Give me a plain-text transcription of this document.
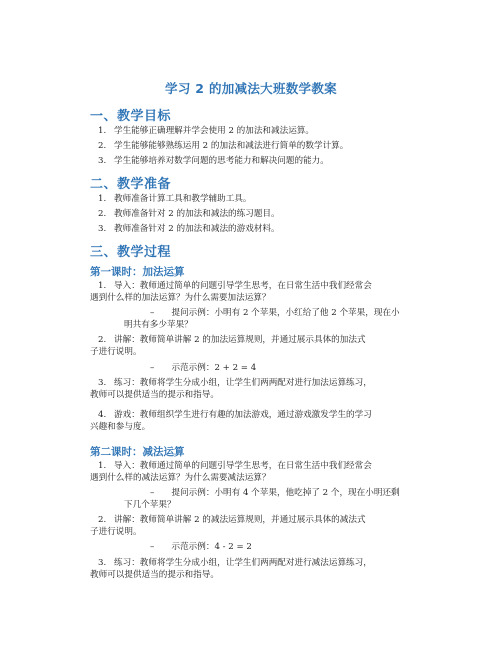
学习 2 的加减法大班数学教案
一、教学目标
1. 学生能够正确理解并学会使用 2 的加法和减法运算。
2. 学生能够能够熟练运用 2 的加法和减法进行简单的数学计算。
3. 学生能够培养对数学问题的思考能力和解决问题的能力。
二、教学准备
1. 教师准备计算工具和教学辅助工具。
2. 教师准备针对 2 的加法和减法的练习题目。
3. 教师准备针对 2 的加法和减法的游戏材料。
三、教学过程
第一课时：加法运算
1. 导入：教师通过简单的问题引导学生思考，在日常生活中我们经常会
遇到什么样的加法运算？为什么需要加法运算？
–　　提问示例：小明有 2 个苹果，小红给了他 2 个苹果，现在小
明共有多少苹果？
2. 讲解：教师简单讲解 2 的加法运算规则，并通过展示具体的加法式
子进行说明。
–　　示范示例：2 + 2 = 4
3. 练习：教师将学生分成小组，让学生们两两配对进行加法运算练习，
教师可以提供适当的提示和指导。
4. 游戏：教师组织学生进行有趣的加法游戏，通过游戏激发学生的学习
兴趣和参与度。
第二课时：减法运算
1. 导入：教师通过简单的问题引导学生思考，在日常生活中我们经常会
遇到什么样的减法运算？为什么需要减法运算？
–　　提问示例：小明有 4 个苹果，他吃掉了 2 个，现在小明还剩
下几个苹果？
2. 讲解：教师简单讲解 2 的减法运算规则，并通过展示具体的减法式
子进行说明。
–　　示范示例：4 - 2 = 2
3. 练习：教师将学生分成小组，让学生们两两配对进行减法运算练习，
教师可以提供适当的提示和指导。
